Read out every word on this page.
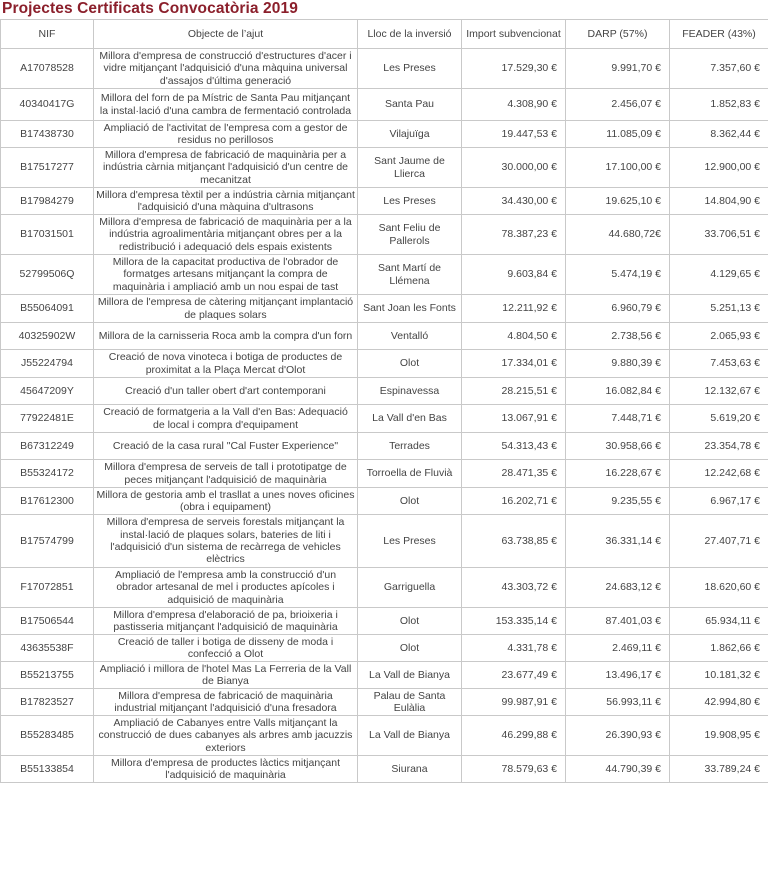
Projectes Certificats Convocatòria 2019
NIF	Objecte de l’ajut	Lloc de la inversió	Import subvencionat	DARP (57%)	FEADER (43%)
A17078528	Millora d'empresa de construcció d'estructures d'acer i vidre mitjançant l'adquisició d'una màquina universal d'assajos d'última generació	Les Preses	17.529,30 €	9.991,70 €	7.357,60 €
40340417G	Millora del forn de pa Místric de Santa Pau mitjançant la instal·lació d'una cambra de fermentació controlada	Santa Pau	4.308,90 €	2.456,07 €	1.852,83 €
B17438730	Ampliació de l'activitat de l'empresa com a gestor de residus no perillosos	Vilajuïga	19.447,53 €	11.085,09 €	8.362,44 €
B17517277	Millora d'empresa de fabricació de maquinària per a indústria càrnia mitjançant l'adquisició d'un centre de mecanitzat	Sant Jaume de Llierca	30.000,00 €	17.100,00 €	12.900,00 €
B17984279	Millora d'empresa tèxtil per a indústria càrnia mitjançant l'adquisició d'una màquina d'ultrasons	Les Preses	34.430,00 €	19.625,10 €	14.804,90 €
B17031501	Millora d'empresa de fabricació de maquinària per a la indústria agroalimentària mitjançant obres per a la redistribució i adequació dels espais existents	Sant Feliu de Pallerols	78.387,23 €	44.680,72€	33.706,51 €
52799506Q	Millora de la capacitat productiva de l'obrador de formatges artesans mitjançant la compra de maquinària i ampliació amb un nou espai de tast	Sant Martí de Llémena	9.603,84 €	5.474,19 €	4.129,65 €
B55064091	Millora de l'empresa de càtering mitjançant implantació de plaques solars	Sant Joan les Fonts	12.211,92 €	6.960,79 €	5.251,13 €
40325902W	Millora de la carnisseria Roca amb la compra d'un forn	Ventalló	4.804,50 €	2.738,56 €	2.065,93 €
J55224794	Creació de nova vinoteca i botiga de productes de proximitat a la Plaça Mercat d'Olot	Olot	17.334,01 €	9.880,39 €	7.453,63 €
45647209Y	Creació d'un taller obert d'art contemporani	Espinavessa	28.215,51 €	16.082,84 €	12.132,67 €
77922481E	Creació de formatgeria a la Vall d'en Bas: Adequació de local i compra d'equipament	La Vall d'en Bas	13.067,91 €	7.448,71 €	5.619,20 €
B67312249	Creació de la casa rural "Cal Fuster Experience"	Terrades	54.313,43 €	30.958,66 €	23.354,78 €
B55324172	Millora d'empresa de serveis de tall i prototipatge de peces mitjançant l'adquisició de maquinària	Torroella de Fluvià	28.471,35 €	16.228,67 €	12.242,68 €
B17612300	Millora de gestoria amb el trasllat a unes noves oficines (obra i equipament)	Olot	16.202,71 €	9.235,55 €	6.967,17 €
B17574799	Millora d'empresa de serveis forestals mitjançant la instal·lació de plaques solars, bateries de liti i l'adquisició d'un sistema de recàrrega de vehicles elèctrics	Les Preses	63.738,85 €	36.331,14 €	27.407,71 €
F17072851	Ampliació de l'empresa amb la construcció d'un obrador artesanal de mel i productes apícoles i adquisició de maquinària	Garriguella	43.303,72 €	24.683,12 €	18.620,60 €
B17506544	Millora d'empresa d'elaboració de pa, brioixeria i pastisseria mitjançant l'adquisició de maquinària	Olot	153.335,14 €	87.401,03 €	65.934,11 €
43635538F	Creació de taller i botiga de disseny de moda i confecció a Olot	Olot	4.331,78 €	2.469,11 €	1.862,66 €
B55213755	Ampliació i millora de l'hotel Mas La Ferreria de la Vall de Bianya	La Vall de Bianya	23.677,49 €	13.496,17 €	10.181,32 €
B17823527	Millora d'empresa de fabricació de maquinària industrial mitjançant l'adquisició d'una fresadora	Palau de Santa Eulàlia	99.987,91 €	56.993,11 €	42.994,80 €
B55283485	Ampliació de Cabanyes entre Valls mitjançant la construcció de dues cabanyes als arbres amb jacuzzis exteriors	La Vall de Bianya	46.299,88 €	26.390,93 €	19.908,95 €
B55133854	Millora d'empresa de productes làctics mitjançant l'adquisició de maquinària	Siurana	78.579,63 €	44.790,39 €	33.789,24 €
